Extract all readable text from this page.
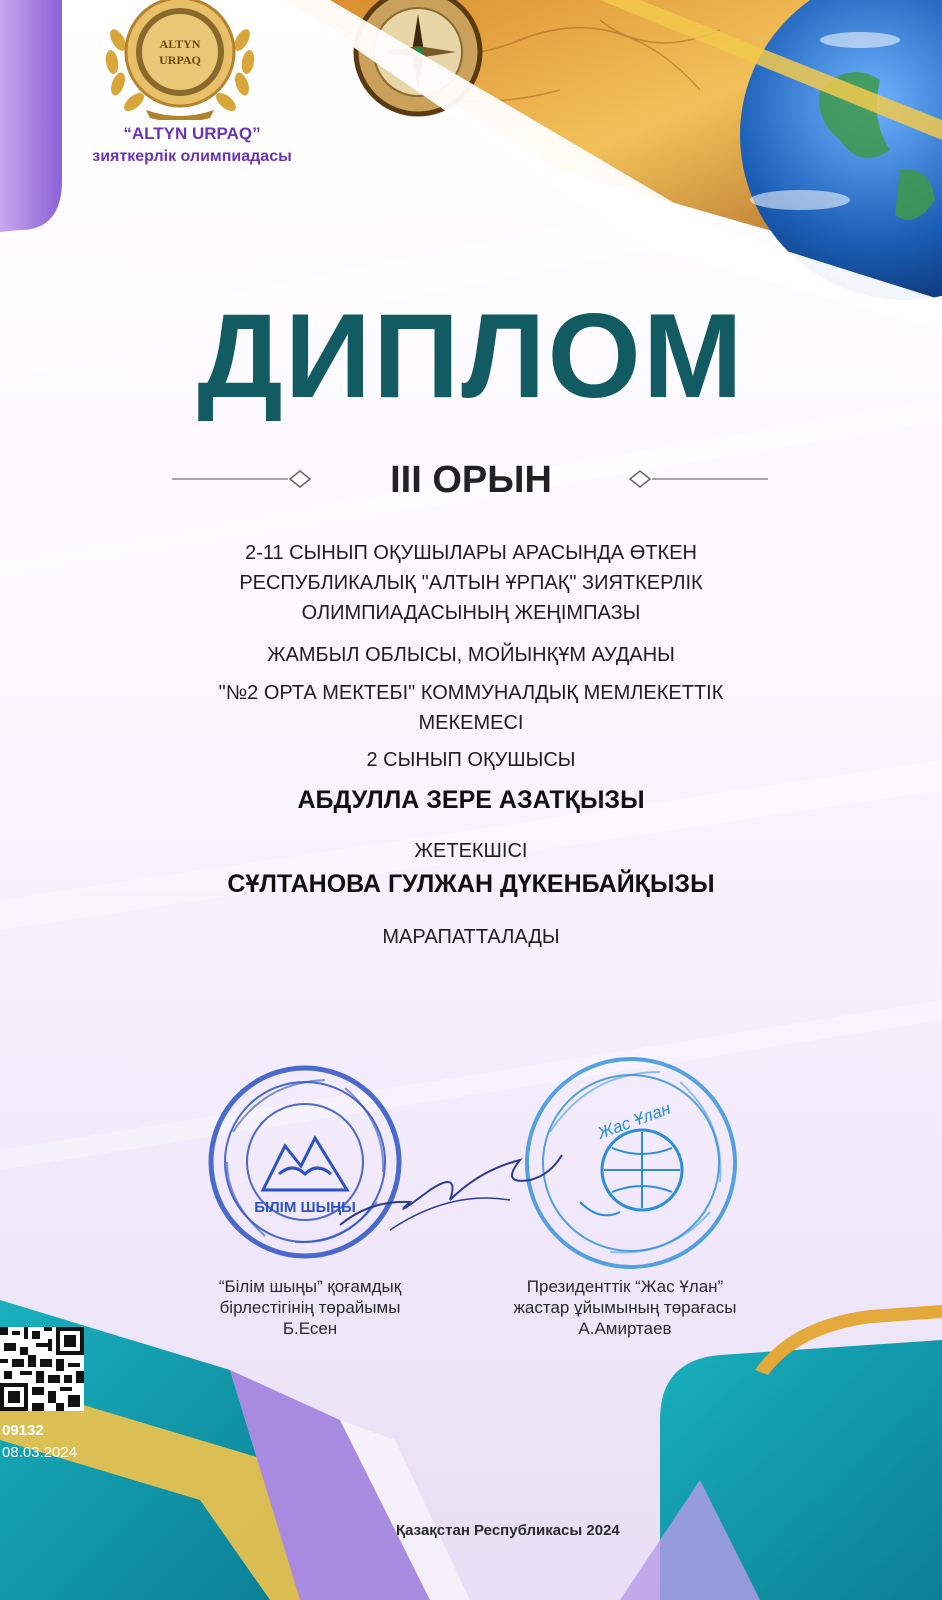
ALTYN
URPAQ
“ALTYN URPAQ”
зияткерлік олимпиадасы
ДИПЛОМ
III ОРЫН
2-11 СЫНЫП ОҚУШЫЛАРЫ АРАСЫНДА ӨТКЕН
РЕСПУБЛИКАЛЫҚ "АЛТЫН ҰРПАҚ" ЗИЯТКЕРЛІК
ОЛИМПИАДАСЫНЫҢ ЖЕҢІМПАЗЫ
ЖАМБЫЛ ОБЛЫСЫ, МОЙЫНҚҰМ АУДАНЫ
"№2 ОРТА МЕКТЕБІ" КОММУНАЛДЫҚ МЕМЛЕКЕТТІК
МЕКЕМЕСІ
2 СЫНЫП ОҚУШЫСЫ
АБДУЛЛА ЗЕРЕ АЗАТҚЫЗЫ
ЖЕТЕКШІСІ
СҰЛТАНОВА ГУЛЖАН ДҮКЕНБАЙҚЫЗЫ
МАРАПАТТАЛАДЫ
БІЛІМ ШЫҢЫ
Жас Ұлан
“Білім шыңы” қоғамдық
бірлестігінің төрайымы
Б.Есен
Президенттік “Жас Ұлан”
жастар ұйымының төрағасы
А.Амиртаев
09132
08.03.2024
Қазақстан Республикасы 2024
